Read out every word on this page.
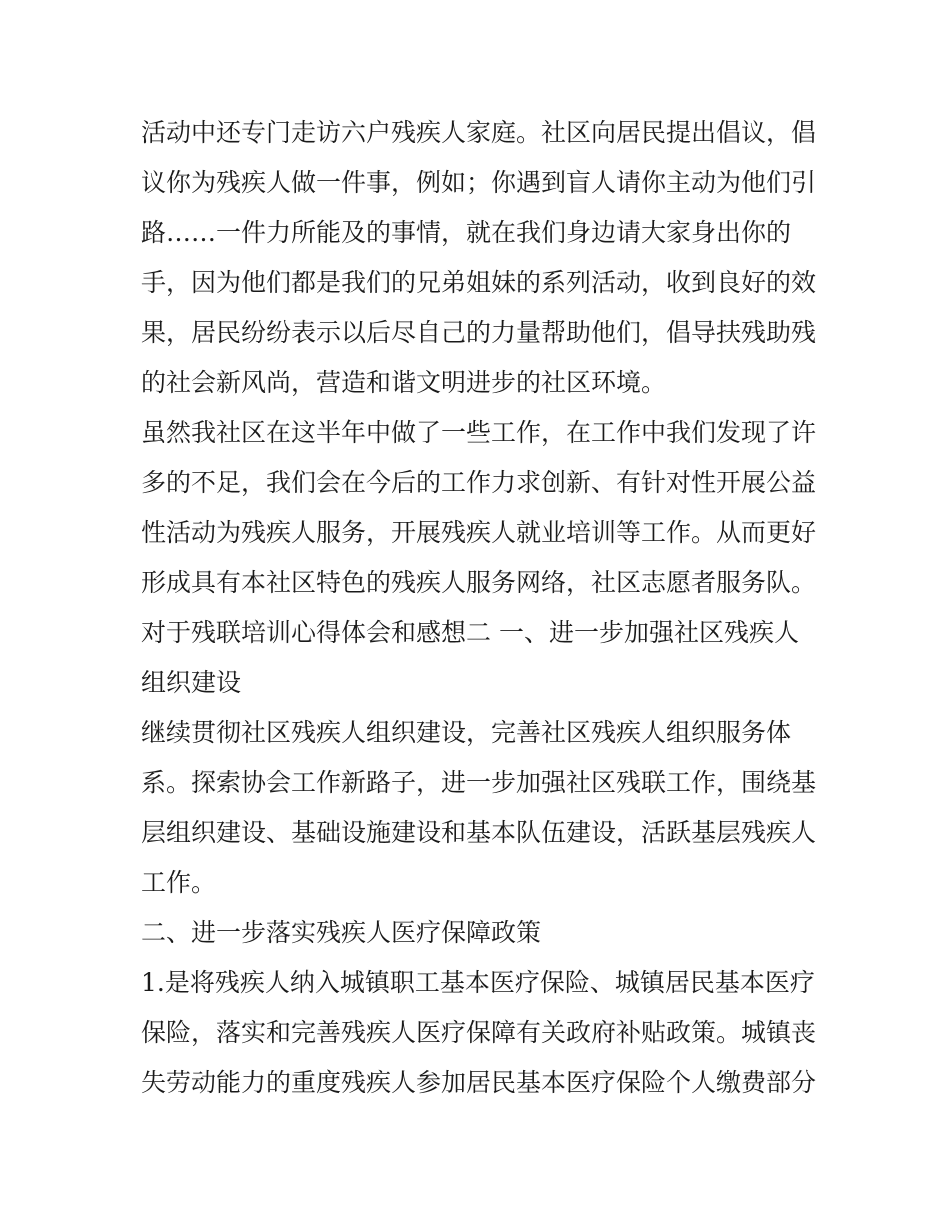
活动中还专门走访六户残疾人家庭。社区向居民提出倡议，倡
议你为残疾人做一件事，例如；你遇到盲人请你主动为他们引
路……一件力所能及的事情，就在我们身边请大家身出你的
手，因为他们都是我们的兄弟姐妹的系列活动，收到良好的效
果，居民纷纷表示以后尽自己的力量帮助他们，倡导扶残助残
的社会新风尚，营造和谐文明进步的社区环境。
虽然我社区在这半年中做了一些工作，在工作中我们发现了许
多的不足，我们会在今后的工作力求创新、有针对性开展公益
性活动为残疾人服务，开展残疾人就业培训等工作。从而更好
形成具有本社区特色的残疾人服务网络，社区志愿者服务队。
对于残联培训心得体会和感想二 一、进一步加强社区残疾人
组织建设
继续贯彻社区残疾人组织建设，完善社区残疾人组织服务体
系。探索协会工作新路子，进一步加强社区残联工作，围绕基
层组织建设、基础设施建设和基本队伍建设，活跃基层残疾人
工作。
二、进一步落实残疾人医疗保障政策
1.是将残疾人纳入城镇职工基本医疗保险、城镇居民基本医疗
保险，落实和完善残疾人医疗保障有关政府补贴政策。城镇丧
失劳动能力的重度残疾人参加居民基本医疗保险个人缴费部分
